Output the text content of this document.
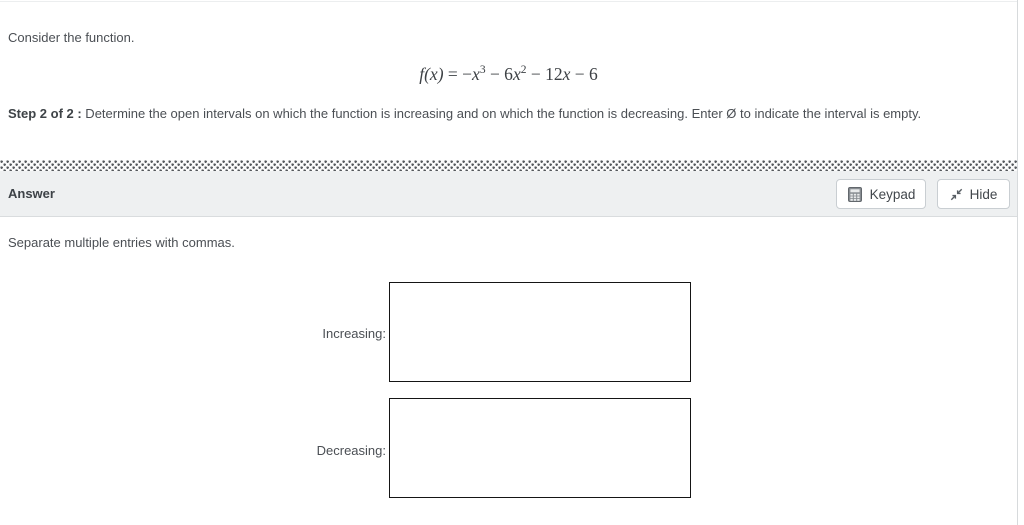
Consider the function.
$f(x) = -x^3 - 6x^2 - 12x - 6$
Step 2 of 2 : Determine the open intervals on which the function is increasing and on which the function is decreasing. Enter Ø to indicate the interval is empty.
Answer	Keypad	Hide
Separate multiple entries with commas.
Increasing:
Decreasing:
